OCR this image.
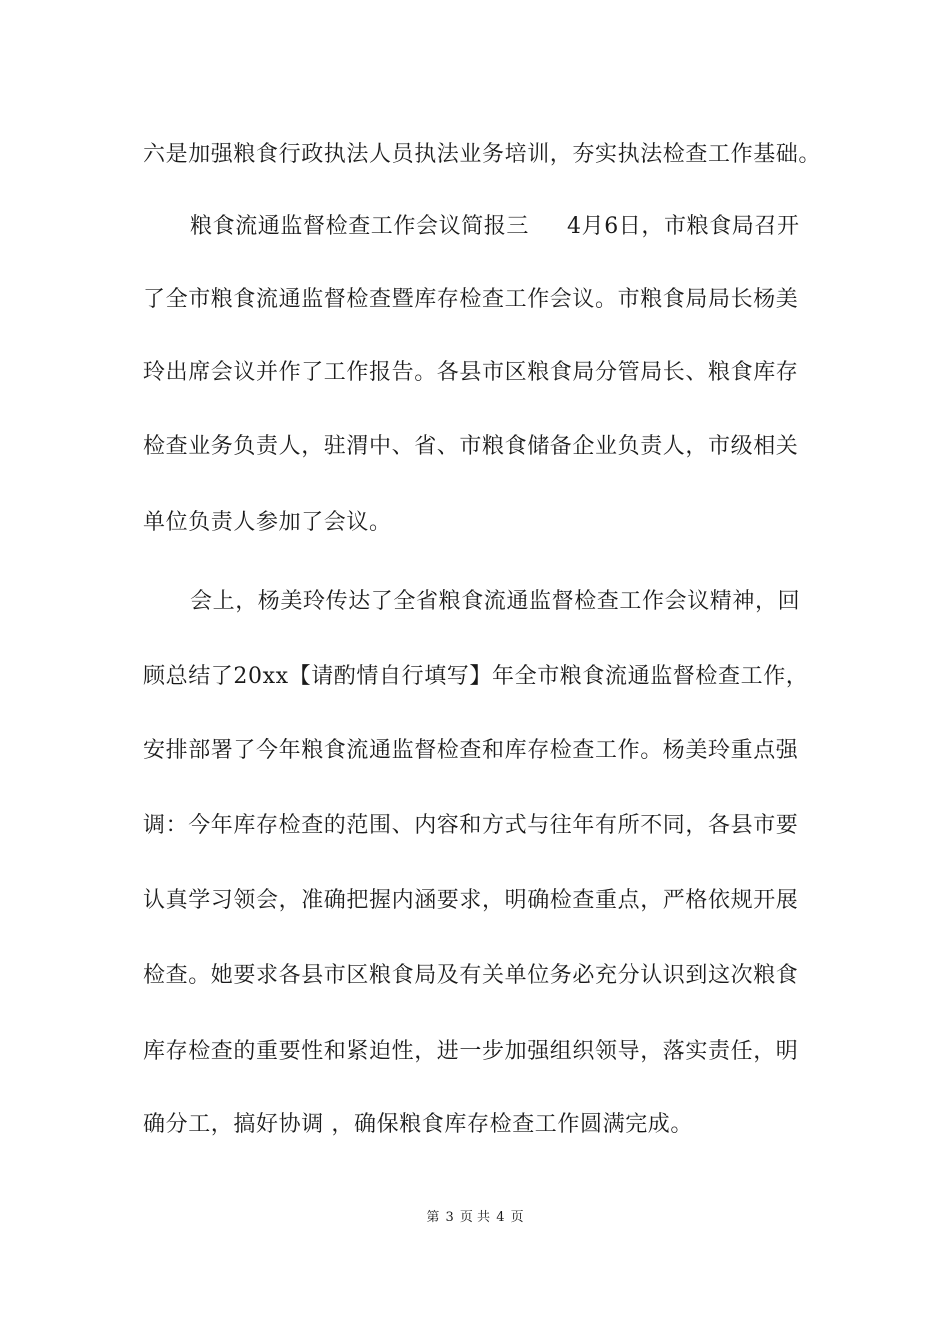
六是加强粮食行政执法人员执法业务培训，夯实执法检查工作基础。
粮食流通监督检查工作会议简报三 4月6日，市粮食局召开
了全市粮食流通监督检查暨库存检查工作会议。市粮食局局长杨美
玲出席会议并作了工作报告。各县市区粮食局分管局长、粮食库存
检查业务负责人，驻渭中、省、市粮食储备企业负责人，市级相关
单位负责人参加了会议。
会上，杨美玲传达了全省粮食流通监督检查工作会议精神，回
顾总结了20xx【请酌情自行填写】年全市粮食流通监督检查工作，
安排部署了今年粮食流通监督检查和库存检查工作。杨美玲重点强
调：今年库存检查的范围、内容和方式与往年有所不同，各县市要
认真学习领会，准确把握内涵要求，明确检查重点，严格依规开展
检查。她要求各县市区粮食局及有关单位务必充分认识到这次粮食
库存检查的重要性和紧迫性，进一步加强组织领导，落实责任，明
确分工，搞好协调 ，确保粮食库存检查工作圆满完成。
第 3 页 共 4 页
